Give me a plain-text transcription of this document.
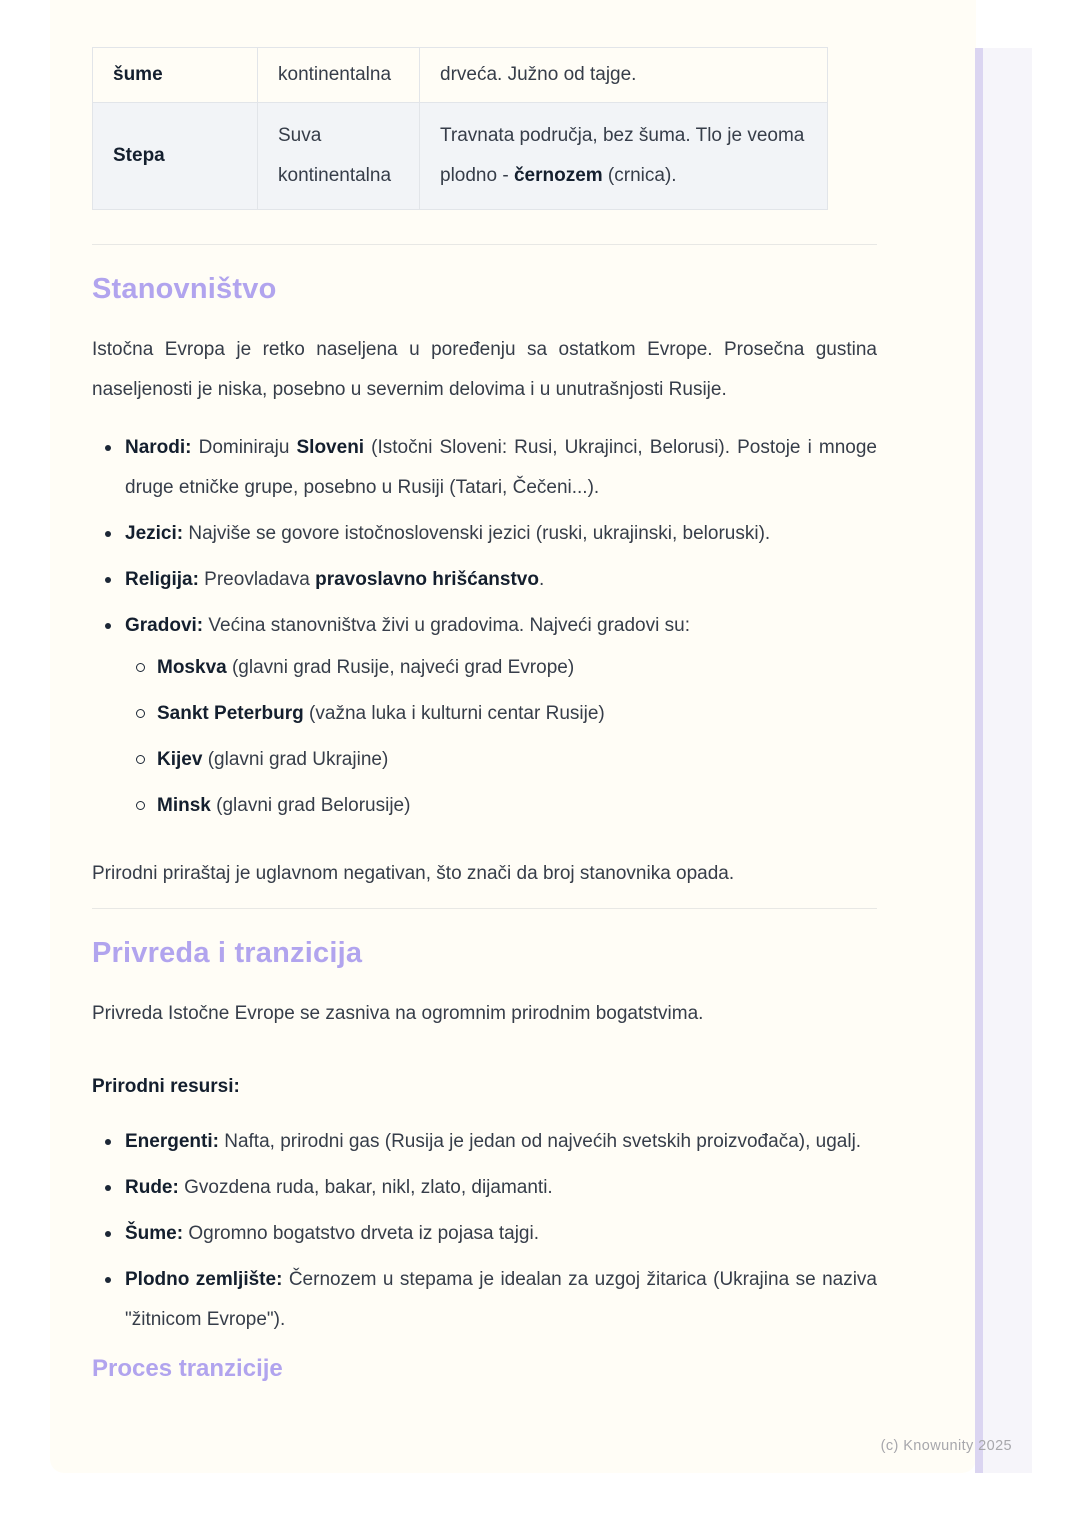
šume	kontinentalna	drveća. Južno od tajge.
Stepa	Suva kontinentalna	Travnata područja, bez šuma. Tlo je veoma plodno - černozem (crnica).
Stanovništvo

Istočna Evropa je retko naseljena u poređenju sa ostatkom Evrope. Prosečna gustina naseljenosti je niska, posebno u severnim delovima i u unutrašnjosti Rusije.

Narodi: Dominiraju Sloveni (Istočni Sloveni: Rusi, Ukrajinci, Belorusi). Postoje i mnoge druge etničke grupe, posebno u Rusiji (Tatari, Čečeni...).
Jezici: Najviše se govore istočnoslovenski jezici (ruski, ukrajinski, beloruski).
Religija: Preovladava pravoslavno hrišćanstvo.
Gradovi: Većina stanovništva živi u gradovima. Najveći gradovi su:
Moskva (glavni grad Rusije, najveći grad Evrope)
Sankt Peterburg (važna luka i kulturni centar Rusije)
Kijev (glavni grad Ukrajine)
Minsk (glavni grad Belorusije)

Prirodni priraštaj je uglavnom negativan, što znači da broj stanovnika opada.

Privreda i tranzicija

Privreda Istočne Evrope se zasniva na ogromnim prirodnim bogatstvima.

Prirodni resursi:

Energenti: Nafta, prirodni gas (Rusija je jedan od najvećih svetskih proizvođača), ugalj.
Rude: Gvozdena ruda, bakar, nikl, zlato, dijamanti.
Šume: Ogromno bogatstvo drveta iz pojasa tajgi.
Plodno zemljište: Černozem u stepama je idealan za uzgoj žitarica (Ukrajina se naziva "žitnicom Evrope").
Proces tranzicije
(c) Knowunity 2025
